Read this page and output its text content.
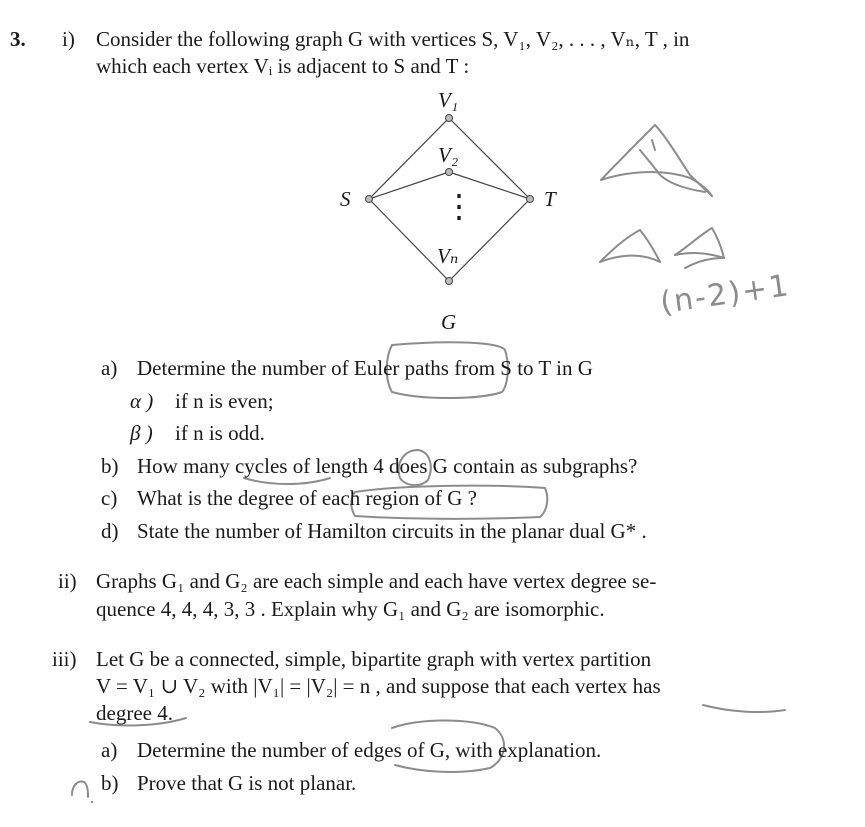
3. i) Consider the following graph G with vertices S, V₁, V₂, . . . , Vₙ, T , in
which each vertex Vᵢ is adjacent to S and T :
V₁
V₂
S	T
⋮
Vₙ
G
(n-2)+1
a) Determine the number of Euler paths from S to T in G
α ) if n is even;
β ) if n is odd.
b) How many cycles of length 4 does G contain as subgraphs?
c) What is the degree of each region of G ?
d) State the number of Hamilton circuits in the planar dual G* .
ii) Graphs G₁ and G₂ are each simple and each have vertex degree se-
quence 4, 4, 4, 3, 3 . Explain why G₁ and G₂ are isomorphic.
iii) Let G be a connected, simple, bipartite graph with vertex partition
V = V₁ ∪ V₂ with |V₁| = |V₂| = n , and suppose that each vertex has
degree 4.
a) Determine the number of edges of G, with explanation.
b) Prove that G is not planar.
